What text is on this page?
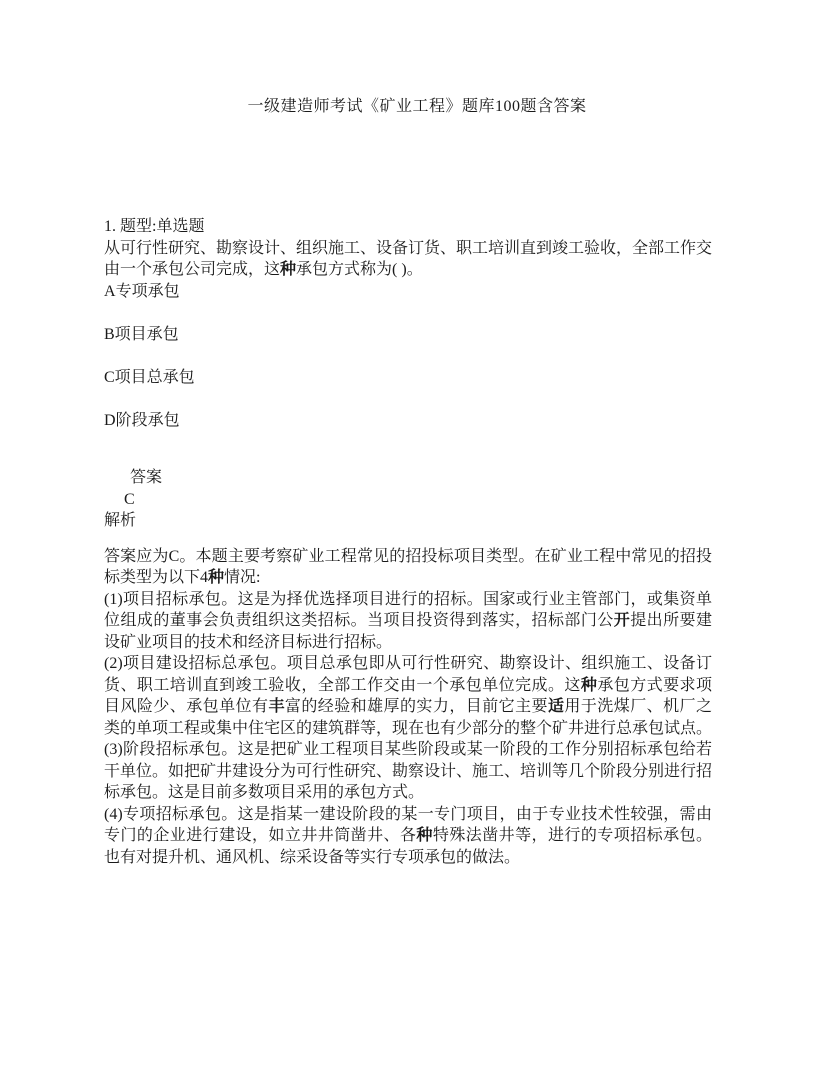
一级建造师考试《矿业工程》题库100题含答案
1. 题型:单选题
从可行性研究、勘察设计、组织施工、设备订货、职工培训直到竣工验收，全部工作交由一个承包公司完成，这种承包方式称为( )。
A专项承包
B项目承包
C项目总承包
D阶段承包
答案
C
解析
答案应为C。本题主要考察矿业工程常见的招投标项目类型。在矿业工程中常见的招投标类型为以下4种情况:
(1)项目招标承包。这是为择优选择项目进行的招标。国家或行业主管部门，或集资单位组成的董事会负责组织这类招标。当项目投资得到落实，招标部门公开提出所要建设矿业项目的技术和经济目标进行招标。
(2)项目建设招标总承包。项目总承包即从可行性研究、勘察设计、组织施工、设备订货、职工培训直到竣工验收，全部工作交由一个承包单位完成。这种承包方式要求项目风险少、承包单位有丰富的经验和雄厚的实力，目前它主要适用于洗煤厂、机厂之类的单项工程或集中住宅区的建筑群等，现在也有少部分的整个矿井进行总承包试点。
(3)阶段招标承包。这是把矿业工程项目某些阶段或某一阶段的工作分别招标承包给若干单位。如把矿井建设分为可行性研究、勘察设计、施工、培训等几个阶段分别进行招标承包。这是目前多数项目采用的承包方式。
(4)专项招标承包。这是指某一建设阶段的某一专门项目，由于专业技术性较强，需由专门的企业进行建设，如立井井筒凿井、各种特殊法凿井等，进行的专项招标承包。也有对提升机、通风机、综采设备等实行专项承包的做法。
